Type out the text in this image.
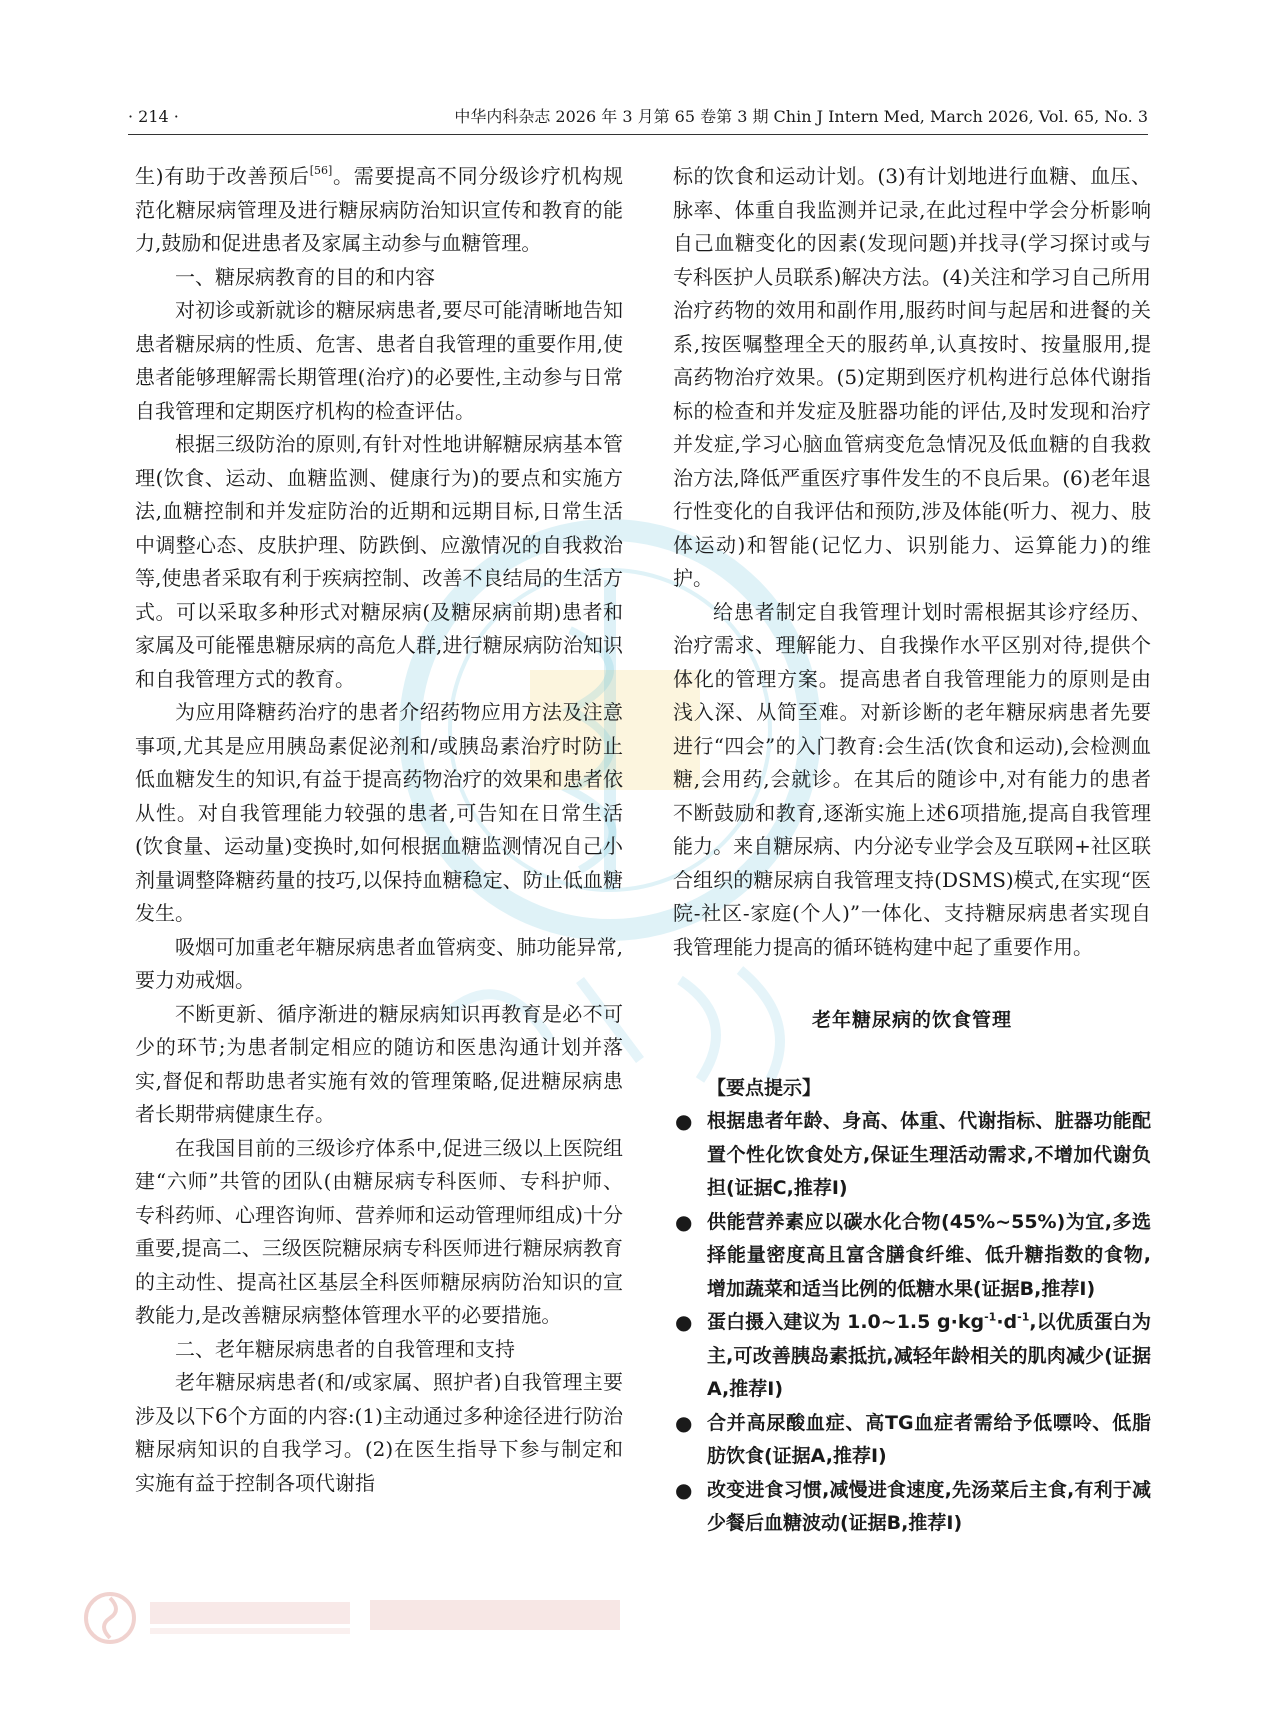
· 214 ·	中华内科杂志 2026 年 3 月第 65 卷第 3 期 Chin J Intern Med, March 2026, Vol. 65, No. 3

生)有助于改善预后[56]。需要提高不同分级诊疗机构规范化糖尿病管理及进行糖尿病防治知识宣传和教育的能力,鼓励和促进患者及家属主动参与血糖管理。

一、糖尿病教育的目的和内容

对初诊或新就诊的糖尿病患者,要尽可能清晰地告知患者糖尿病的性质、危害、患者自我管理的重要作用,使患者能够理解需长期管理(治疗)的必要性,主动参与日常自我管理和定期医疗机构的检查评估。

根据三级防治的原则,有针对性地讲解糖尿病基本管理(饮食、运动、血糖监测、健康行为)的要点和实施方法,血糖控制和并发症防治的近期和远期目标,日常生活中调整心态、皮肤护理、防跌倒、应激情况的自我救治等,使患者采取有利于疾病控制、改善不良结局的生活方式。可以采取多种形式对糖尿病(及糖尿病前期)患者和家属及可能罹患糖尿病的高危人群,进行糖尿病防治知识和自我管理方式的教育。

为应用降糖药治疗的患者介绍药物应用方法及注意事项,尤其是应用胰岛素促泌剂和/或胰岛素治疗时防止低血糖发生的知识,有益于提高药物治疗的效果和患者依从性。对自我管理能力较强的患者,可告知在日常生活(饮食量、运动量)变换时,如何根据血糖监测情况自己小剂量调整降糖药量的技巧,以保持血糖稳定、防止低血糖发生。

吸烟可加重老年糖尿病患者血管病变、肺功能异常,要力劝戒烟。

不断更新、循序渐进的糖尿病知识再教育是必不可少的环节;为患者制定相应的随访和医患沟通计划并落实,督促和帮助患者实施有效的管理策略,促进糖尿病患者长期带病健康生存。

在我国目前的三级诊疗体系中,促进三级以上医院组建“六师”共管的团队(由糖尿病专科医师、专科护师、专科药师、心理咨询师、营养师和运动管理师组成)十分重要,提高二、三级医院糖尿病专科医师进行糖尿病教育的主动性、提高社区基层全科医师糖尿病防治知识的宣教能力,是改善糖尿病整体管理水平的必要措施。

二、老年糖尿病患者的自我管理和支持

老年糖尿病患者(和/或家属、照护者)自我管理主要涉及以下6个方面的内容:(1)主动通过多种途径进行防治糖尿病知识的自我学习。(2)在医生指导下参与制定和实施有益于控制各项代谢指

标的饮食和运动计划。(3)有计划地进行血糖、血压、脉率、体重自我监测并记录,在此过程中学会分析影响自己血糖变化的因素(发现问题)并找寻(学习探讨或与专科医护人员联系)解决方法。(4)关注和学习自己所用治疗药物的效用和副作用,服药时间与起居和进餐的关系,按医嘱整理全天的服药单,认真按时、按量服用,提高药物治疗效果。(5)定期到医疗机构进行总体代谢指标的检查和并发症及脏器功能的评估,及时发现和治疗并发症,学习心脑血管病变危急情况及低血糖的自我救治方法,降低严重医疗事件发生的不良后果。(6)老年退行性变化的自我评估和预防,涉及体能(听力、视力、肢体运动)和智能(记忆力、识别能力、运算能力)的维护。

给患者制定自我管理计划时需根据其诊疗经历、治疗需求、理解能力、自我操作水平区别对待,提供个体化的管理方案。提高患者自我管理能力的原则是由浅入深、从简至难。对新诊断的老年糖尿病患者先要进行“四会”的入门教育:会生活(饮食和运动),会检测血糖,会用药,会就诊。在其后的随诊中,对有能力的患者不断鼓励和教育,逐渐实施上述6项措施,提高自我管理能力。来自糖尿病、内分泌专业学会及互联网+社区联合组织的糖尿病自我管理支持(DSMS)模式,在实现“医院-社区-家庭(个人)”一体化、支持糖尿病患者实现自我管理能力提高的循环链构建中起了重要作用。

老年糖尿病的饮食管理
【要点提示】
● 根据患者年龄、身高、体重、代谢指标、脏器功能配置个性化饮食处方,保证生理活动需求,不增加代谢负担(证据C,推荐Ⅰ)
● 供能营养素应以碳水化合物(45%~55%)为宜,多选择能量密度高且富含膳食纤维、低升糖指数的食物,增加蔬菜和适当比例的低糖水果(证据B,推荐Ⅰ)
● 蛋白摄入建议为 1.0~1.5 $g\cdot kg^{-1}\cdot d^{-1}$,以优质蛋白为主,可改善胰岛素抵抗,减轻年龄相关的肌肉减少(证据A,推荐Ⅰ)
● 合并高尿酸血症、高TG血症者需给予低嘌呤、低脂肪饮食(证据A,推荐Ⅰ)
● 改变进食习惯,减慢进食速度,先汤菜后主食,有利于减少餐后血糖波动(证据B,推荐Ⅰ)
